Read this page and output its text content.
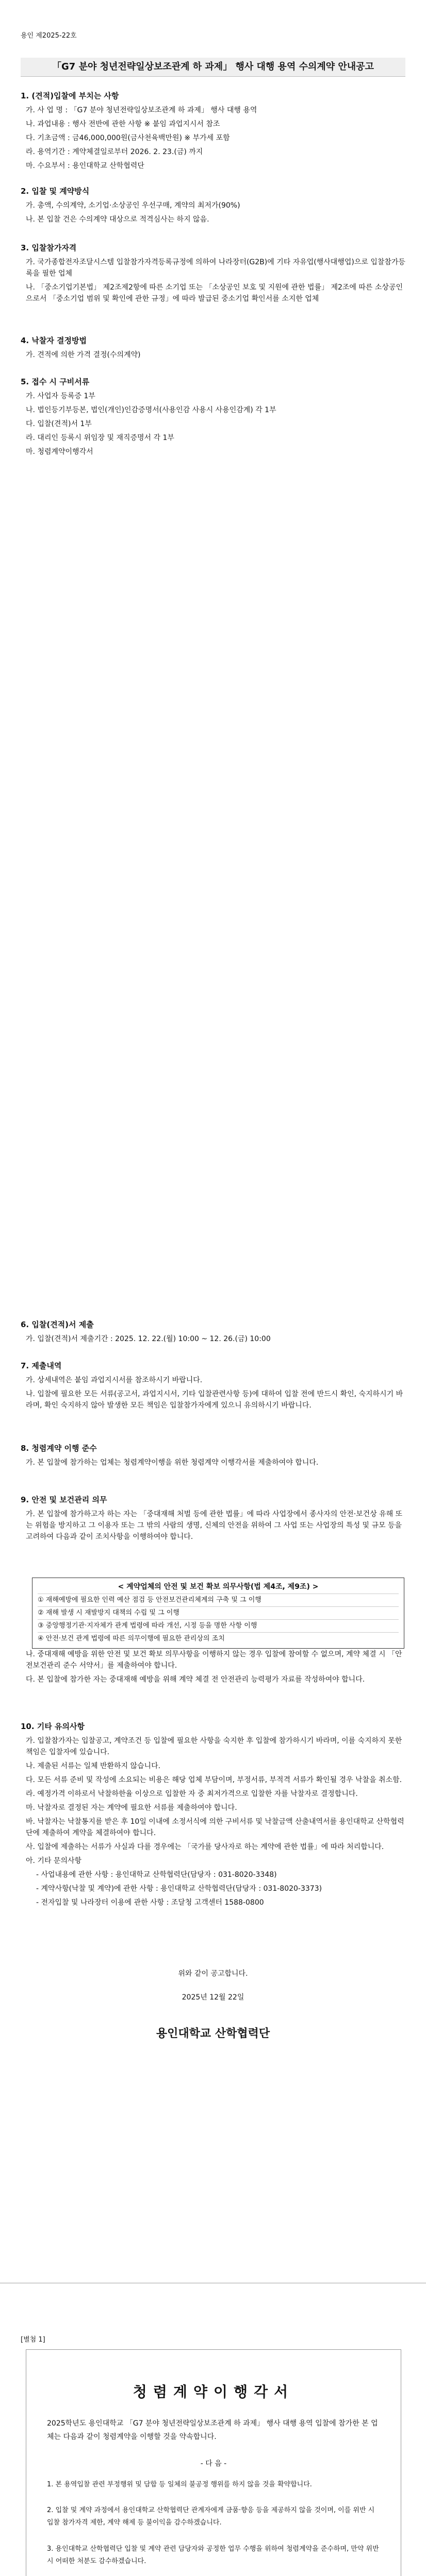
용인 제2025-22호
「G7 분야 청년전략일상보조관계 하 과제」 행사 대행 용역 수의계약 안내공고
1. (견적)입찰에 부치는 사항

가. 사 업 명 : 「G7 분야 청년전략일상보조관계 하 과제」 행사 대행 용역

나. 과업내용 : 행사 전반에 관한 사항 ※ 붙임 과업지시서 참조

다. 기초금액 : 금46,000,000원(금사천육백만원) ※ 부가세 포함

라. 용역기간 : 계약체결일로부터 2026. 2. 23.(금) 까지

마. 수요부서 : 용인대학교 산학협력단

2. 입찰 및 계약방식

가. 총액, 수의계약, 소기업·소상공인 우선구매, 계약의 최저가(90%)

나. 본 입찰 건은 수의계약 대상으로 적격심사는 하지 않음.

3. 입찰참가자격

가. 국가종합전자조달시스템 입찰참가자격등록규정에 의하여 나라장터(G2B)에 기타 자유업(행사대행업)으로 입찰참가등록을 필한 업체

나. 「중소기업기본법」 제2조제2항에 따른 소기업 또는 「소상공인 보호 및 지원에 관한 법률」 제2조에 따른 소상공인으로서 「중소기업 범위 및 확인에 관한 규정」에 따라 발급된 중소기업 확인서를 소지한 업체

4. 낙찰자 결정방법

가. 견적에 의한 가격 결정(수의계약)

5. 접수 시 구비서류

가. 사업자 등록증 1부

나. 법인등기부등본, 법인(개인)인감증명서(사용인감 사용시 사용인감계) 각 1부

다. 입찰(견적)서 1부

라. 대리인 등록시 위임장 및 재직증명서 각 1부

마. 청렴계약이행각서

6. 입찰(견적)서 제출

가. 입찰(견적)서 제출기간 : 2025. 12. 22.(월) 10:00 ~ 12. 26.(금) 10:00

7. 제출내역

가. 상세내역은 붙임 과업지시서를 참조하시기 바랍니다.

나. 입찰에 필요한 모든 서류(공고서, 과업지시서, 기타 입찰관련사항 등)에 대하여 입찰 전에 반드시 확인, 숙지하시기 바라며, 확인 숙지하지 않아 발생한 모든 책임은 입찰참가자에게 있으니 유의하시기 바랍니다.

8. 청렴계약 이행 준수

가. 본 입찰에 참가하는 업체는 청렴계약이행을 위한 청렴계약 이행각서를 제출하여야 합니다.

9. 안전 및 보건관리 의무

가. 본 입찰에 참가하고자 하는 자는 「중대재해 처벌 등에 관한 법률」에 따라 사업장에서 종사자의 안전·보건상 유해 또는 위험을 방지하고 그 이용자 또는 그 밖의 사람의 생명, 신체의 안전을 위하여 그 사업 또는 사업장의 특성 및 규모 등을 고려하여 다음과 같이 조치사항을 이행하여야 합니다.

< 계약업체의 안전 및 보건 확보 의무사항(법 제4조, 제9조) >
① 재해예방에 필요한 인력 예산 점검 등 안전보건관리체계의 구축 및 그 이행
② 재해 발생 시 재발방지 대책의 수립 및 그 이행
③ 중앙행정기관·지자체가 관계 법령에 따라 개선, 시정 등을 명한 사항 이행
④ 안전·보건 관계 법령에 따른 의무이행에 필요한 관리상의 조치

나. 중대재해 예방을 위한 안전 및 보건 확보 의무사항을 이행하지 않는 경우 입찰에 참여할 수 없으며, 계약 체결 시 「안전보건관리 준수 서약서」를 제출하여야 합니다.

다. 본 입찰에 참가한 자는 중대재해 예방을 위해 계약 체결 전 안전관리 능력평가 자료를 작성하여야 합니다.

10. 기타 유의사항

가. 입찰참가자는 입찰공고, 계약조건 등 입찰에 필요한 사항을 숙지한 후 입찰에 참가하시기 바라며, 이를 숙지하지 못한 책임은 입찰자에 있습니다.

나. 제출된 서류는 일체 반환하지 않습니다.

다. 모든 서류 준비 및 작성에 소요되는 비용은 해당 업체 부담이며, 부정서류, 부적격 서류가 확인될 경우 낙찰을 취소함.

라. 예정가격 이하로서 낙찰하한율 이상으로 입찰한 자 중 최저가격으로 입찰한 자를 낙찰자로 결정합니다.

마. 낙찰자로 결정된 자는 계약에 필요한 서류를 제출하여야 합니다.

바. 낙찰자는 낙찰통지를 받은 후 10일 이내에 소정서식에 의한 구비서류 및 낙찰금액 산출내역서를 용인대학교 산학협력단에 제출하여 계약을 체결하여야 합니다.

사. 입찰에 제출하는 서류가 사실과 다를 경우에는 「국가를 당사자로 하는 계약에 관한 법률」에 따라 처리합니다.

아. 기타 문의사항

- 사업내용에 관한 사항 : 용인대학교 산학협력단(담당자 : 031-8020-3348)

- 계약사항(낙찰 및 계약)에 관한 사항 : 용인대학교 산학협력단(담당자 : 031-8020-3373)

- 전자입찰 및 나라장터 이용에 관한 사항 : 조달청 고객센터 1588-0800

위와 같이 공고합니다.
2025년 12월 22일
용인대학교 산학협력단
[별첨 1]
청렴계약이행각서
2025학년도 용인대학교 「G7 분야 청년전략일상보조관계 하 과제」 행사 대행 용역 입찰에 참가한 본 업체는 다음과 같이 청렴계약을 이행할 것을 약속합니다.
- 다 음 -
1. 본 용역입찰 관련 부정행위 및 담합 등 일체의 불공정 행위를 하지 않을 것을 확약합니다.
2. 입찰 및 계약 과정에서 용인대학교 산학협력단 관계자에게 금품·향응 등을 제공하지 않을 것이며, 이를 위반 시 입찰 참가자격 제한, 계약 해제 등 불이익을 감수하겠습니다.
3. 용인대학교 산학협력단 입찰 및 계약 관련 담당자와 공정한 업무 수행을 위하여 청렴계약을 준수하며, 만약 위반 시 어떠한 처분도 감수하겠습니다.
